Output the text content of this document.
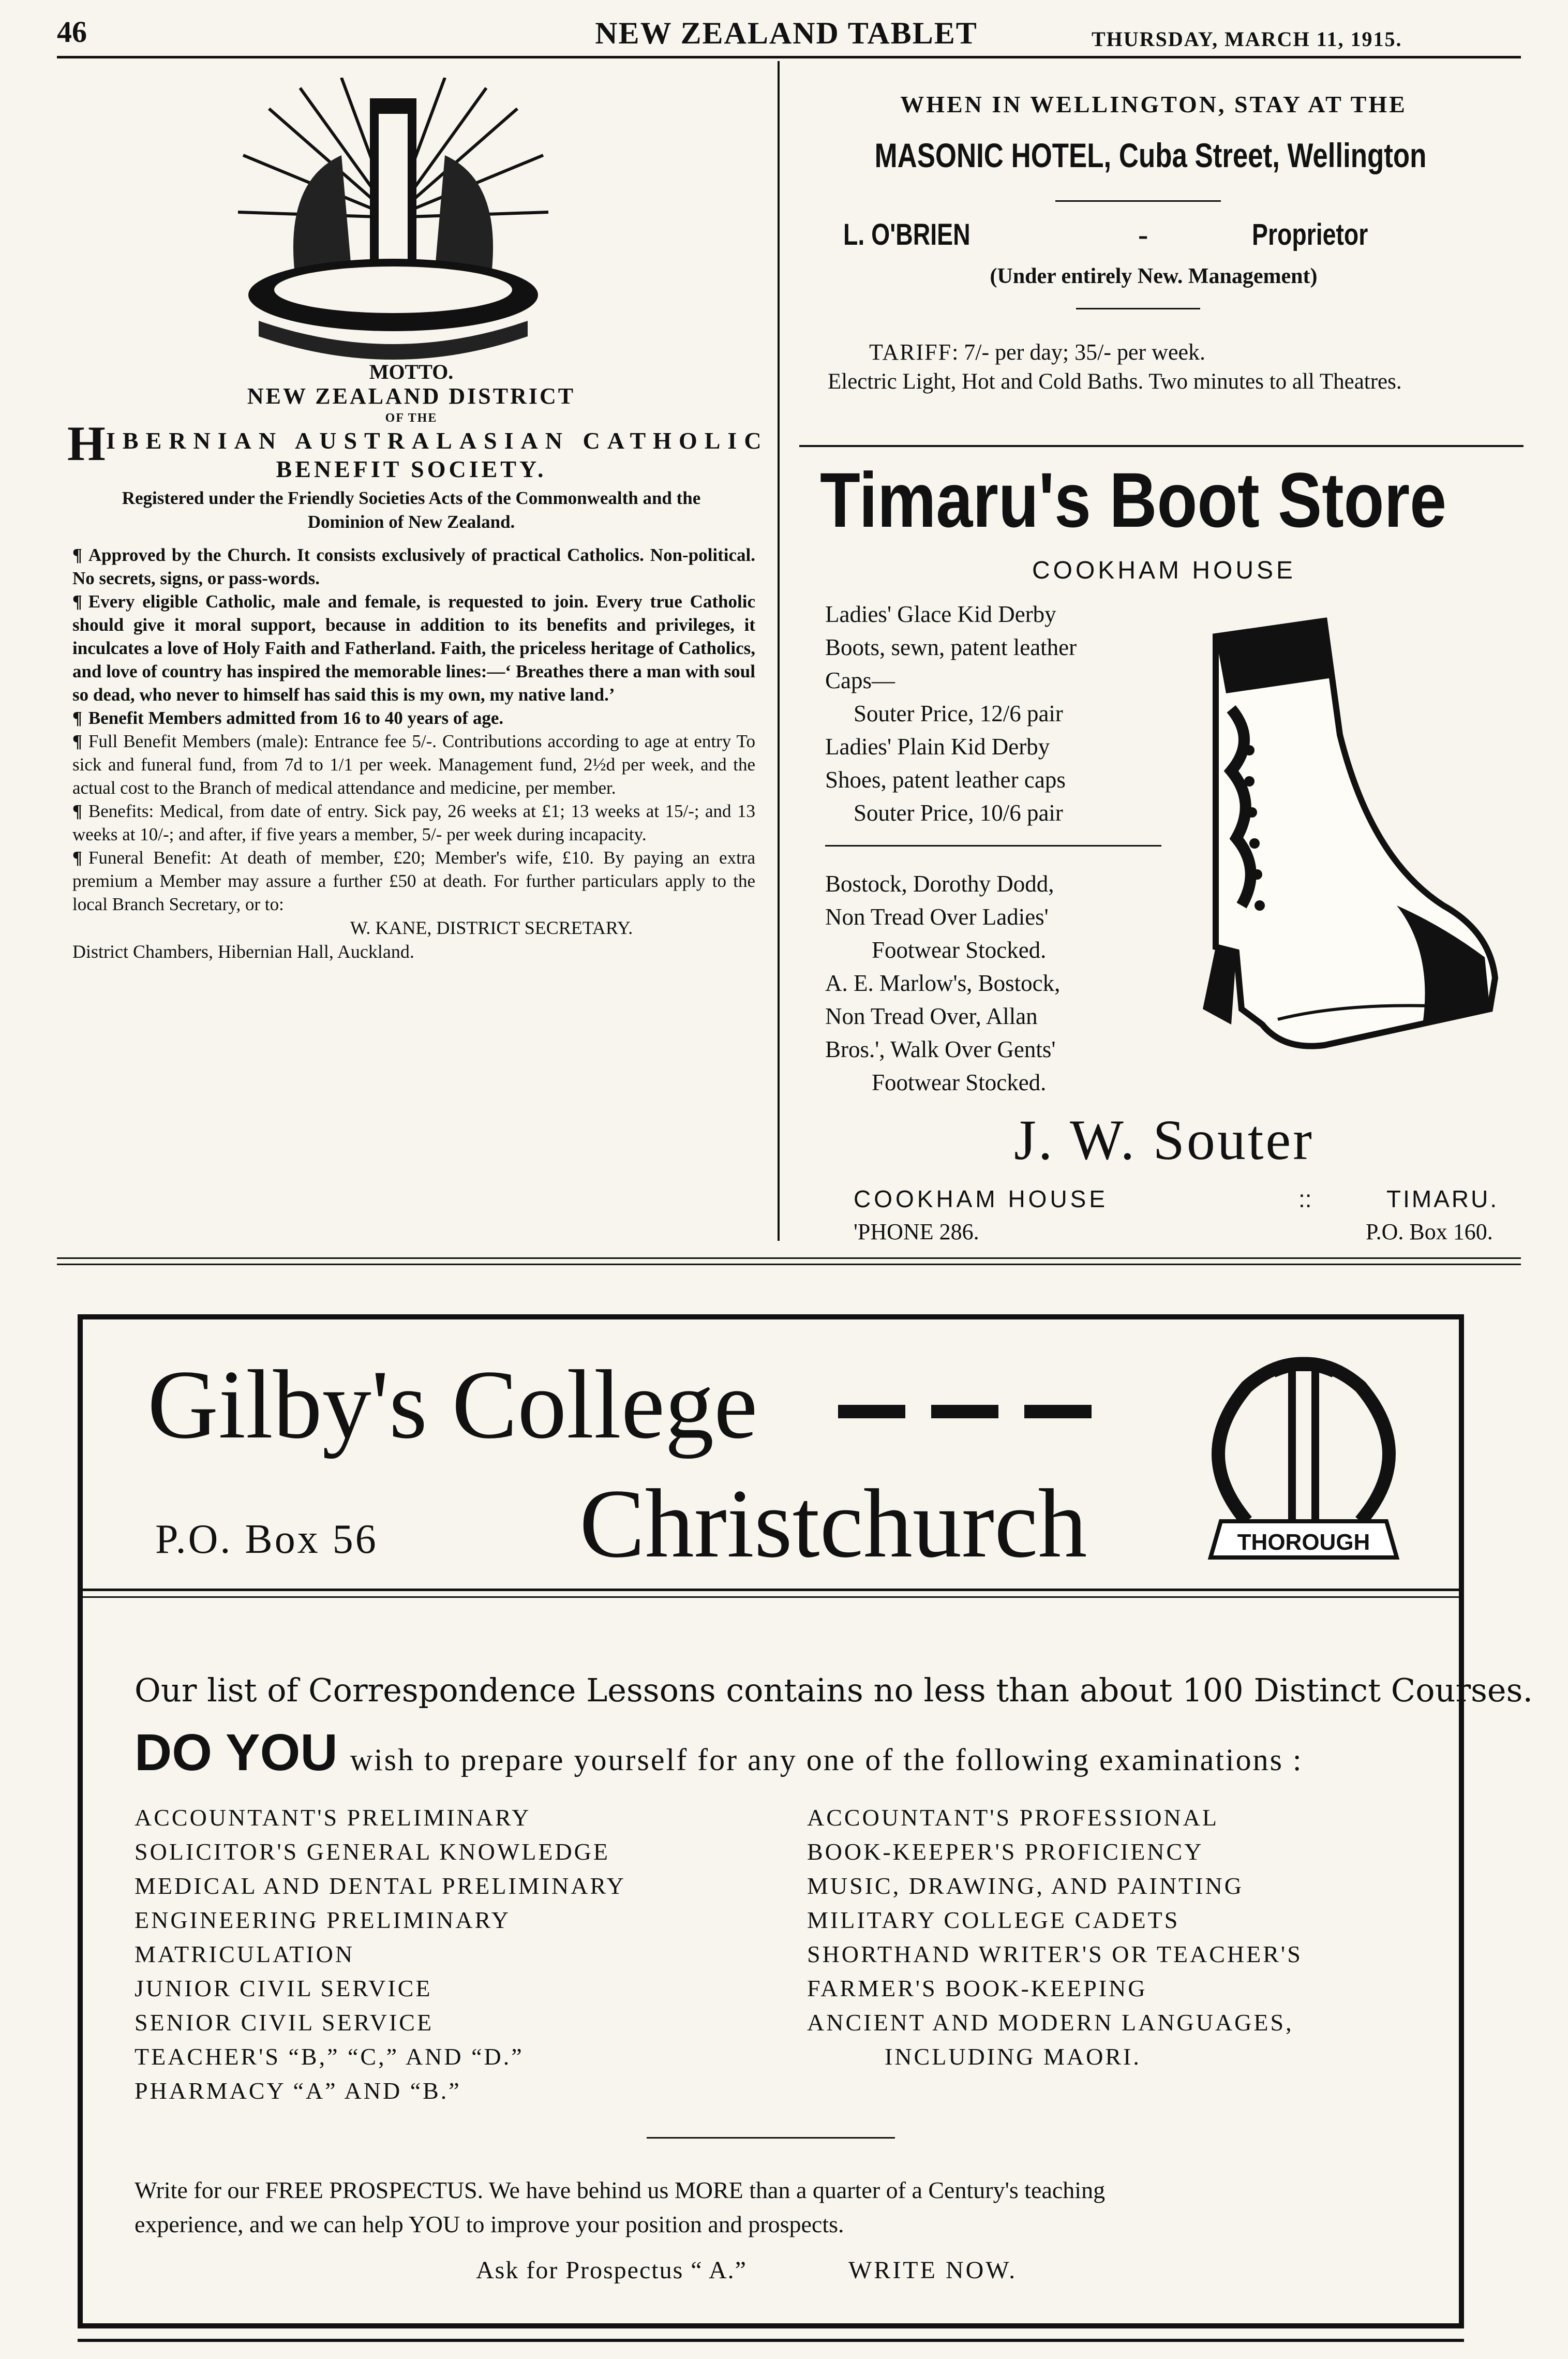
46	NEW ZEALAND TABLET	THURSDAY, MARCH 11, 1915.
MOTTO.
NEW ZEALAND DISTRICT
OF THE
H IBERNIAN AUSTRALASIAN CATHOLIC
BENEFIT SOCIETY.
Registered under the Friendly Societies Acts of the Commonwealth and the Dominion of New Zealand.
¶ Approved by the Church. It consists exclusively of practical Catholics. Non-political. No secrets, signs, or pass-words.
¶ Every eligible Catholic, male and female, is requested to join. Every true Catholic should give it moral support, because in addition to its benefits and privileges, it inculcates a love of Holy Faith and Fatherland. Faith, the priceless heritage of Catholics, and love of country has inspired the memorable lines:—‘ Breathes there a man with soul so dead, who never to himself has said this is my own, my native land.’
¶ Benefit Members admitted from 16 to 40 years of age.
¶ Full Benefit Members (male): Entrance fee 5/-. Contributions according to age at entry To sick and funeral fund, from 7d to 1/1 per week. Management fund, 2½d per week, and the actual cost to the Branch of medical attendance and medicine, per member.
¶ Benefits: Medical, from date of entry. Sick pay, 26 weeks at £1; 13 weeks at 15/-; and 13 weeks at 10/-; and after, if five years a member, 5/- per week during incapacity.
¶ Funeral Benefit: At death of member, £20; Member's wife, £10. By paying an extra premium a Member may assure a further £50 at death. For further particulars apply to the local Branch Secretary, or to:
W. KANE, DISTRICT SECRETARY.
District Chambers, Hibernian Hall, Auckland.
WHEN IN WELLINGTON, STAY AT THE
MASONIC HOTEL, Cuba Street, Wellington
L. O'BRIEN	-	Proprietor
(Under entirely New. Management)
TARIFF: 7/- per day; 35/- per week.
Electric Light, Hot and Cold Baths. Two minutes to all Theatres.
Timaru's Boot Store
COOKHAM HOUSE
Ladies' Glace Kid Derby
Boots, sewn, patent leather
Caps—
Souter Price, 12/6 pair
Ladies' Plain Kid Derby
Shoes, patent leather caps
Souter Price, 10/6 pair
Bostock, Dorothy Dodd,
Non Tread Over Ladies'
Footwear Stocked.
A. E. Marlow's, Bostock,
Non Tread Over, Allan
Bros.', Walk Over Gents'
Footwear Stocked.
J. W. Souter
COOKHAM HOUSE	::	TIMARU.
'PHONE 286.	P.O. Box 160.
Gilby's College
P.O. Box 56 Christchurch	THOROUGH
Our list of Correspondence Lessons contains no less than about 100 Distinct Courses.
DO YOU wish to prepare yourself for any one of the following examinations :
ACCOUNTANT'S PRELIMINARY
SOLICITOR'S GENERAL KNOWLEDGE
MEDICAL AND DENTAL PRELIMINARY
ENGINEERING PRELIMINARY
MATRICULATION
JUNIOR CIVIL SERVICE
SENIOR CIVIL SERVICE
TEACHER'S “B,” “C,” AND “D.”
PHARMACY “A” AND “B.”
ACCOUNTANT'S PROFESSIONAL
BOOK-KEEPER'S PROFICIENCY
MUSIC, DRAWING, AND PAINTING
MILITARY COLLEGE CADETS
SHORTHAND WRITER'S OR TEACHER'S
FARMER'S BOOK-KEEPING
ANCIENT AND MODERN LANGUAGES,
INCLUDING MAORI.
Write for our FREE PROSPECTUS. We have behind us MORE than a quarter of a Century's teaching
experience, and we can help YOU to improve your position and prospects.
Ask for Prospectus “ A.”	WRITE NOW.
